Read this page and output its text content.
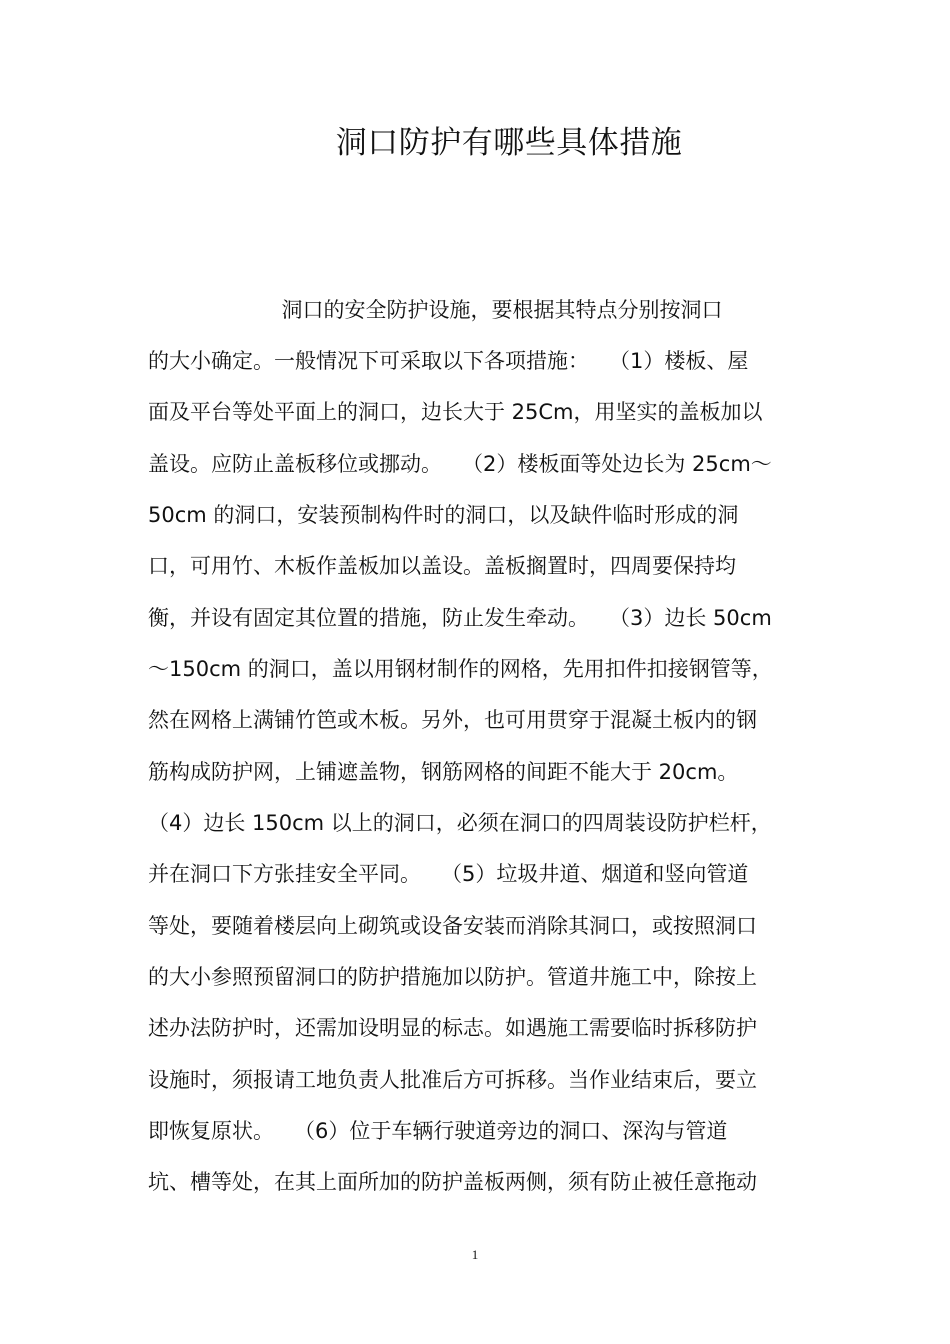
洞口防护有哪些具体措施
洞口的安全防护设施，要根据其特点分别按洞口
的大小确定。一般情况下可采取以下各项措施：   （1）楼板、屋
面及平台等处平面上的洞口，边长大于 25Cm，用坚实的盖板加以
盖设。应防止盖板移位或挪动。   （2）楼板面等处边长为 25cm～
50cm 的洞口，安装预制构件时的洞口，以及缺件临时形成的洞
口，可用竹、木板作盖板加以盖设。盖板搁置时，四周要保持均
衡，并设有固定其位置的措施，防止发生牵动。   （3）边长 50cm
～150cm 的洞口，盖以用钢材制作的网格，先用扣件扣接钢管等，
然在网格上满铺竹笆或木板。另外，也可用贯穿于混凝土板内的钢
筋构成防护网，上铺遮盖物，钢筋网格的间距不能大于 20cm。
（4）边长 150cm 以上的洞口，必须在洞口的四周装设防护栏杆，
并在洞口下方张挂安全平同。   （5）垃圾井道、烟道和竖向管道
等处，要随着楼层向上砌筑或设备安装而消除其洞口，或按照洞口
的大小参照预留洞口的防护措施加以防护。管道井施工中，除按上
述办法防护时，还需加设明显的标志。如遇施工需要临时拆移防护
设施时，须报请工地负责人批准后方可拆移。当作业结束后，要立
即恢复原状。   （6）位于车辆行驶道旁边的洞口、深沟与管道
坑、槽等处，在其上面所加的防护盖板两侧，须有防止被任意拖动
1
